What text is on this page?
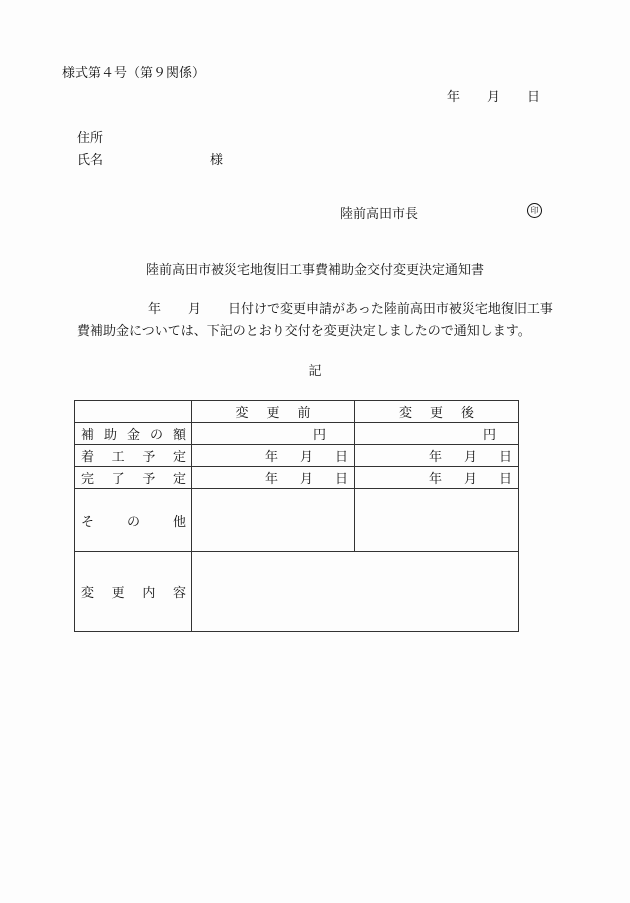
様式第４号（第９関係）
年 月 日
住所
氏名	様
陸前高田市長	印
陸前高田市被災宅地復旧工事費補助金交付変更決定通知書
年 月 日付けで変更申請があった陸前高田市被災宅地復旧工事
費補助金については、下記のとおり交付を変更決定しましたので通知します。
記

	変 更 前	変 更 後

補 助 金 の 額	円	円

着 工 予 定	年 月 日	年 月 日

完 了 予 定	年 月 日	年 月 日

そ の 他		

変 更 内 容		
